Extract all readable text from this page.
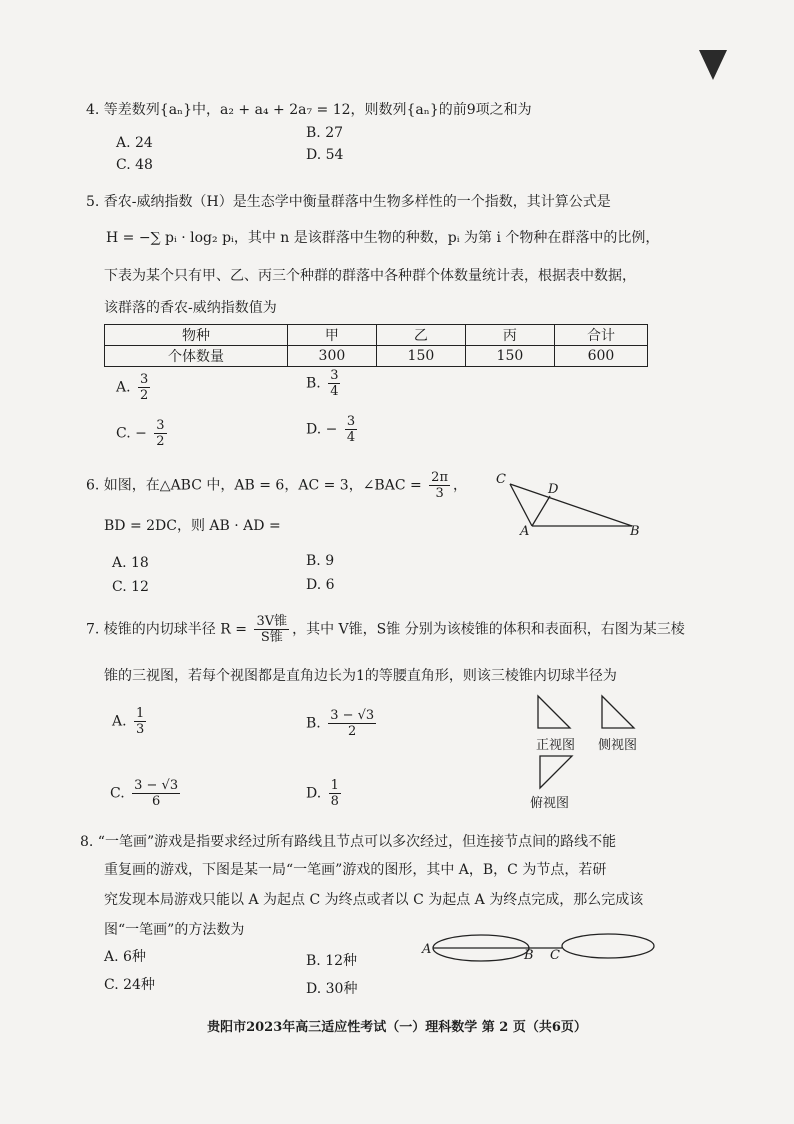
4. 等差数列{aₙ}中，a₂ + a₄ + 2a₇ = 12，则数列{aₙ}的前9项之和为
A. 24
B. 27
C. 48
D. 54
5. 香农-威纳指数（H）是生态学中衡量群落中生物多样性的一个指数，其计算公式是
H = −∑ pᵢ · log₂ pᵢ，其中 n 是该群落中生物的种数，pᵢ 为第 i 个物种在群落中的比例，
下表为某个只有甲、乙、丙三个种群的群落中各种群个体数量统计表，根据表中数据，
该群落的香农-威纳指数值为
物种	甲	乙	丙	合计
个体数量	300	150	150	600
A. $\frac{3}{2}$	B. $\frac{3}{4}$
C. − $\frac{3}{2}$	D. − $\frac{3}{4}$
6. 如图，在△ABC 中，AB = 6，AC = 3，∠BAC = $\frac{2\pi}{3}$ ，
BD = 2DC，则 AB · AD =
C
D
A	B
A. 18	B. 9
C. 12	D. 6
7. 棱锥的内切球半径 $R = \frac{\text{3V锥}}{\text{S锥}}$ ，其中 V锥，S锥 分别为该棱锥的体积和表面积，右图为某三棱
锥的三视图，若每个视图都是直角边长为1的等腰直角形，则该三棱锥内切球半径为
A. $\frac{1}{3}$	B. $\frac{3 - √3}{2}$
C. $\frac{3 - √3}{6}$	D. $\frac{1}{8}$
正视图 侧视图
俯视图
8. “一笔画”游戏是指要求经过所有路线且节点可以多次经过，但连接节点间的路线不能
重复画的游戏，下图是某一局“一笔画”游戏的图形，其中 A，B，C 为节点，若研
究发现本局游戏只能以 A 为起点 C 为终点或者以 C 为起点 A 为终点完成，那么完成该
图“一笔画”的方法数为
A	B C
A. 6种	B. 12种
C. 24种	D. 30种
贵阳市2023年高三适应性考试（一）理科数学 第 2 页（共6页）
